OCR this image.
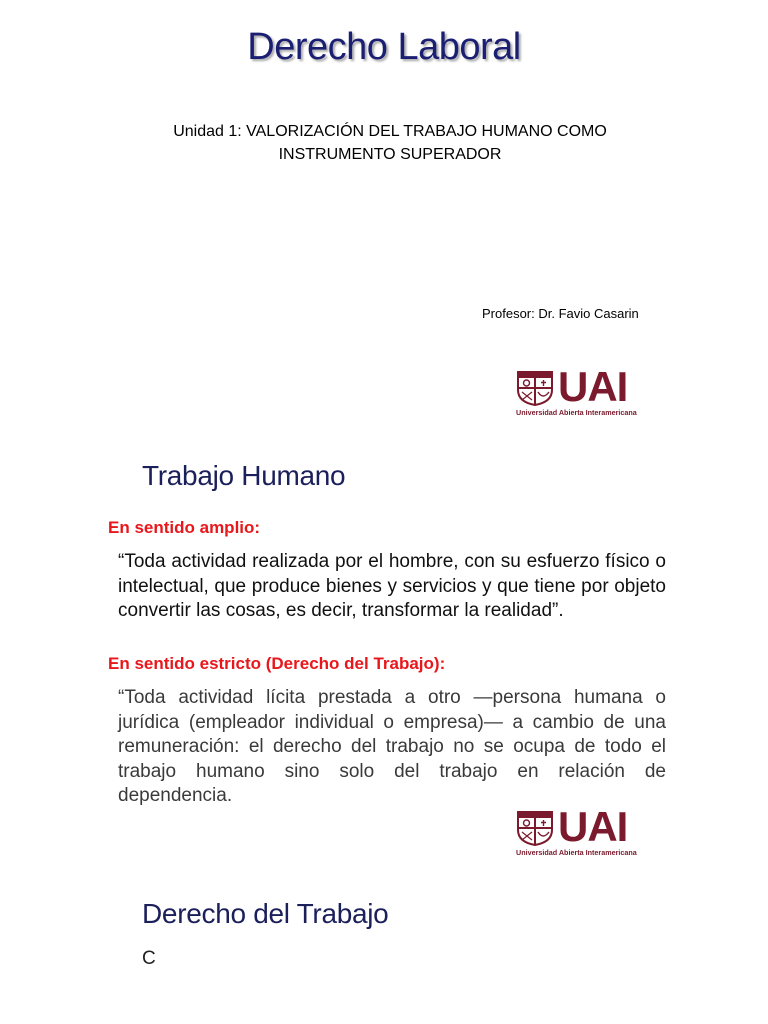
Derecho Laboral
Unidad 1: VALORIZACIÓN DEL TRABAJO HUMANO COMO
INSTRUMENTO SUPERADOR
Profesor: Dr. Favio Casarin
UAI
Universidad Abierta Interamericana
Trabajo Humano
En sentido amplio:
“Toda actividad realizada por el hombre, con su esfuerzo físico o intelectual, que produce bienes y servicios y que tiene por objeto convertir las cosas, es decir, transformar la realidad”.
En sentido estricto (Derecho del Trabajo):
“Toda actividad lícita prestada a otro —persona humana o jurídica (empleador individual o empresa)— a cambio de una remuneración: el derecho del trabajo no se ocupa de todo el trabajo humano sino solo del trabajo en relación de dependencia.
UAI
Universidad Abierta Interamericana
Derecho del Trabajo
C
